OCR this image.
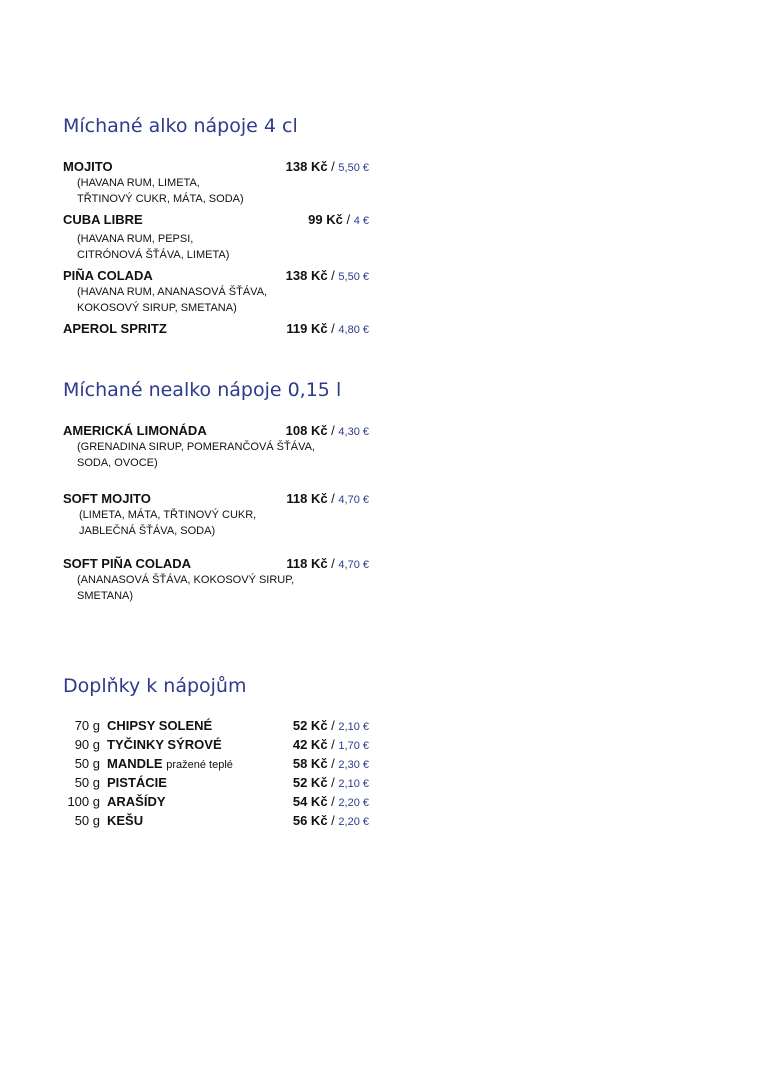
Míchané alko nápoje 4 cl
MOJITO	138 Kč / 5,50 €
(HAVANA RUM, LIMETA,
TŘTINOVÝ CUKR, MÁTA, SODA)
CUBA LIBRE	99 Kč / 4 €
(HAVANA RUM, PEPSI,
CITRÓNOVÁ ŠŤÁVA, LIMETA)
PIÑA COLADA	138 Kč / 5,50 €
(HAVANA RUM, ANANASOVÁ ŠŤÁVA,
KOKOSOVÝ SIRUP, SMETANA)
APEROL SPRITZ	119 Kč / 4,80 €
Míchané nealko nápoje 0,15 l
AMERICKÁ LIMONÁDA	108 Kč / 4,30 €
(GRENADINA SIRUP, POMERANČOVÁ ŠŤÁVA,
SODA, OVOCE)
SOFT MOJITO	118 Kč / 4,70 €
(LIMETA, MÁTA, TŘTINOVÝ CUKR,
JABLEČNÁ ŠŤÁVA, SODA)
SOFT PIÑA COLADA	118 Kč / 4,70 €
(ANANASOVÁ ŠŤÁVA, KOKOSOVÝ SIRUP,
SMETANA)
Doplňky k nápojům
70 g CHIPSY SOLENÉ	52 Kč / 2,10 €
90 g TYČINKY SÝROVÉ	42 Kč / 1,70 €
50 g MANDLE pražené teplé	58 Kč / 2,30 €
50 g PISTÁCIE	52 Kč / 2,10 €
100 g ARAŠÍDY	54 Kč / 2,20 €
50 g KEŠU	56 Kč / 2,20 €
